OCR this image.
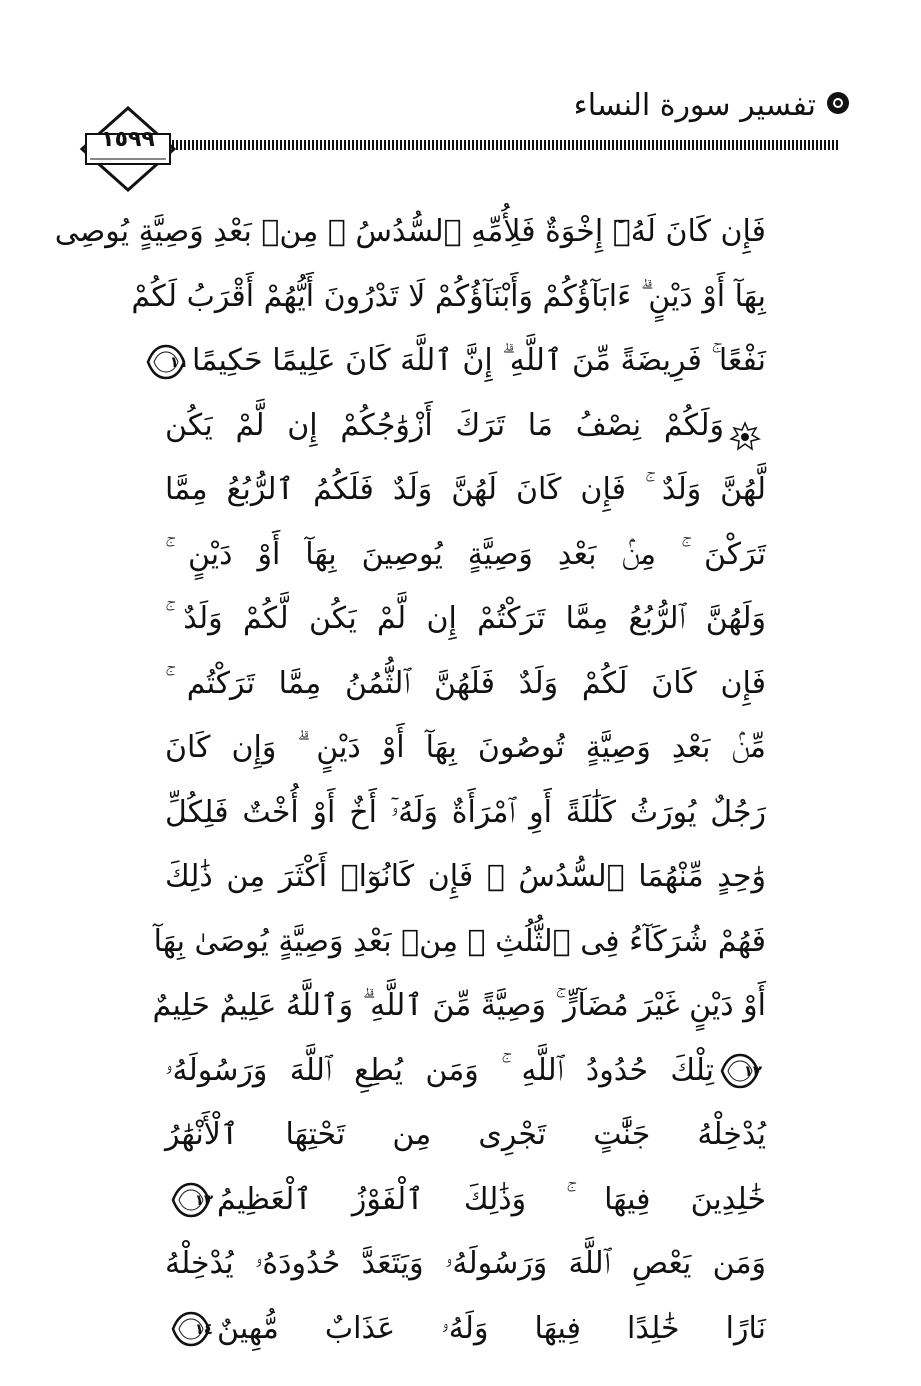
تفسير سورة النساء
١٥٩٩
فَإِن كَانَ لَهُۥٓ إِخْوَةٌ فَلِأُمِّهِ ٱلسُّدُسُ ۚ مِنۢ بَعْدِ وَصِيَّةٍ يُوصِى
بِهَآ أَوْ دَيْنٍ ۗ ءَابَآؤُكُمْ وَأَبْنَآؤُكُمْ لَا تَدْرُونَ أَيُّهُمْ أَقْرَبُ لَكُمْ
نَفْعًا ۚ فَرِيضَةً مِّنَ ٱللَّهِ ۗ إِنَّ ٱللَّهَ كَانَ عَلِيمًا حَكِيمًا
١١
وَلَكُمْ نِصْفُ مَا تَرَكَ أَزْوَٰجُكُمْ إِن لَّمْ يَكُن
لَّهُنَّ وَلَدٌ ۚ فَإِن كَانَ لَهُنَّ وَلَدٌ فَلَكُمُ ٱلرُّبُعُ مِمَّا
تَرَكْنَ ۚ مِنۢ بَعْدِ وَصِيَّةٍ يُوصِينَ بِهَآ أَوْ دَيْنٍ ۚ
وَلَهُنَّ ٱلرُّبُعُ مِمَّا تَرَكْتُمْ إِن لَّمْ يَكُن لَّكُمْ وَلَدٌ ۚ
فَإِن كَانَ لَكُمْ وَلَدٌ فَلَهُنَّ ٱلثُّمُنُ مِمَّا تَرَكْتُم ۚ
مِّنۢ بَعْدِ وَصِيَّةٍ تُوصُونَ بِهَآ أَوْ دَيْنٍ ۗ وَإِن كَانَ
رَجُلٌ يُورَثُ كَلَٰلَةً أَوِ ٱمْرَأَةٌ وَلَهُۥٓ أَخٌ أَوْ أُخْتٌ فَلِكُلِّ
وَٰحِدٍ مِّنْهُمَا ٱلسُّدُسُ ۚ فَإِن كَانُوٓا۟ أَكْثَرَ مِن ذَٰلِكَ
فَهُمْ شُرَكَآءُ فِى ٱلثُّلُثِ ۚ مِنۢ بَعْدِ وَصِيَّةٍ يُوصَىٰ بِهَآ
أَوْ دَيْنٍ غَيْرَ مُضَآرٍّ ۚ وَصِيَّةً مِّنَ ٱللَّهِ ۗ وَٱللَّهُ عَلِيمٌ حَلِيمٌ
١٢
تِلْكَ حُدُودُ ٱللَّهِ ۚ وَمَن يُطِعِ ٱللَّهَ وَرَسُولَهُۥ
يُدْخِلْهُ جَنَّٰتٍ تَجْرِى مِن تَحْتِهَا ٱلْأَنْهَٰرُ
خَٰلِدِينَ فِيهَا ۚ وَذَٰلِكَ ٱلْفَوْزُ ٱلْعَظِيمُ
١٣
وَمَن يَعْصِ ٱللَّهَ وَرَسُولَهُۥ وَيَتَعَدَّ حُدُودَهُۥ يُدْخِلْهُ
نَارًا خَٰلِدًا فِيهَا وَلَهُۥ عَذَابٌ مُّهِينٌ
١٤
